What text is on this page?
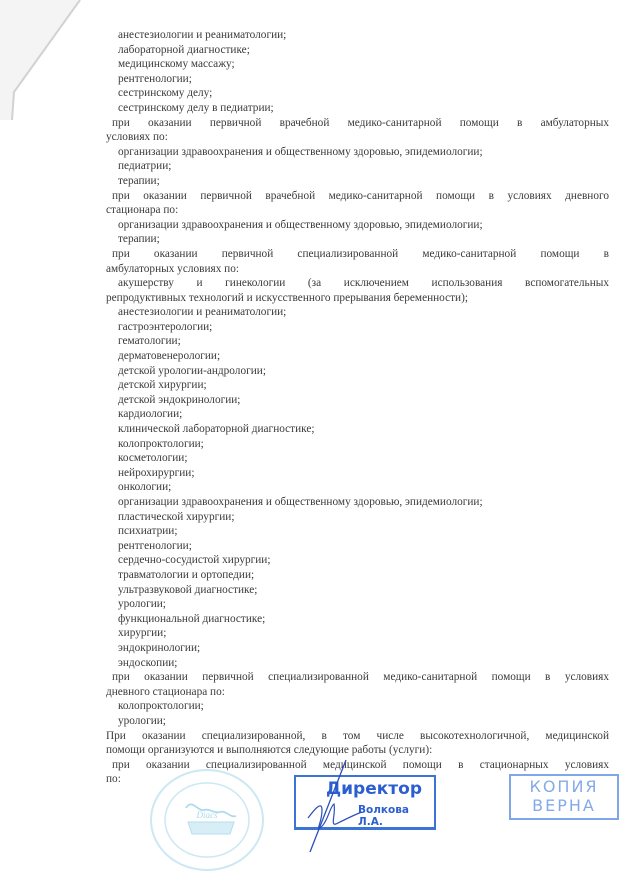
анестезиологии и реаниматологии;
лабораторной диагностике;
медицинскому массажу;
рентгенологии;
сестринскому делу;
сестринскому делу в педиатрии;
при оказании первичной врачебной медико-санитарной помощи в амбулаторных
условиях по:
организации здравоохранения и общественному здоровью, эпидемиологии;
педиатрии;
терапии;
при оказании первичной врачебной медико-санитарной помощи в условиях дневного
стационара по:
организации здравоохранения и общественному здоровью, эпидемиологии;
терапии;
при оказании первичной специализированной медико-санитарной помощи в
амбулаторных условиях по:
акушерству и гинекологии (за исключением использования вспомогательных
репродуктивных технологий и искусственного прерывания беременности);
анестезиологии и реаниматологии;
гастроэнтерологии;
гематологии;
дерматовенерологии;
детской урологии-андрологии;
детской хирургии;
детской эндокринологии;
кардиологии;
клинической лабораторной диагностике;
колопроктологии;
косметологии;
нейрохирургии;
онкологии;
организации здравоохранения и общественному здоровью, эпидемиологии;
пластической хирургии;
психиатрии;
рентгенологии;
сердечно-сосудистой хирургии;
травматологии и ортопедии;
ультразвуковой диагностике;
урологии;
функциональной диагностике;
хирургии;
эндокринологии;
эндоскопии;
при оказании первичной специализированной медико-санитарной помощи в условиях
дневного стационара по:
колопроктологии;
урологии;
При оказании специализированной, в том числе высокотехнологичной, медицинской
помощи организуются и выполняются следующие работы (услуги):
при оказании специализированной медицинской помощи в стационарных условиях
по:
Diacs
Директор
Волкова Л.А.
КОПИЯ
ВЕРНА
